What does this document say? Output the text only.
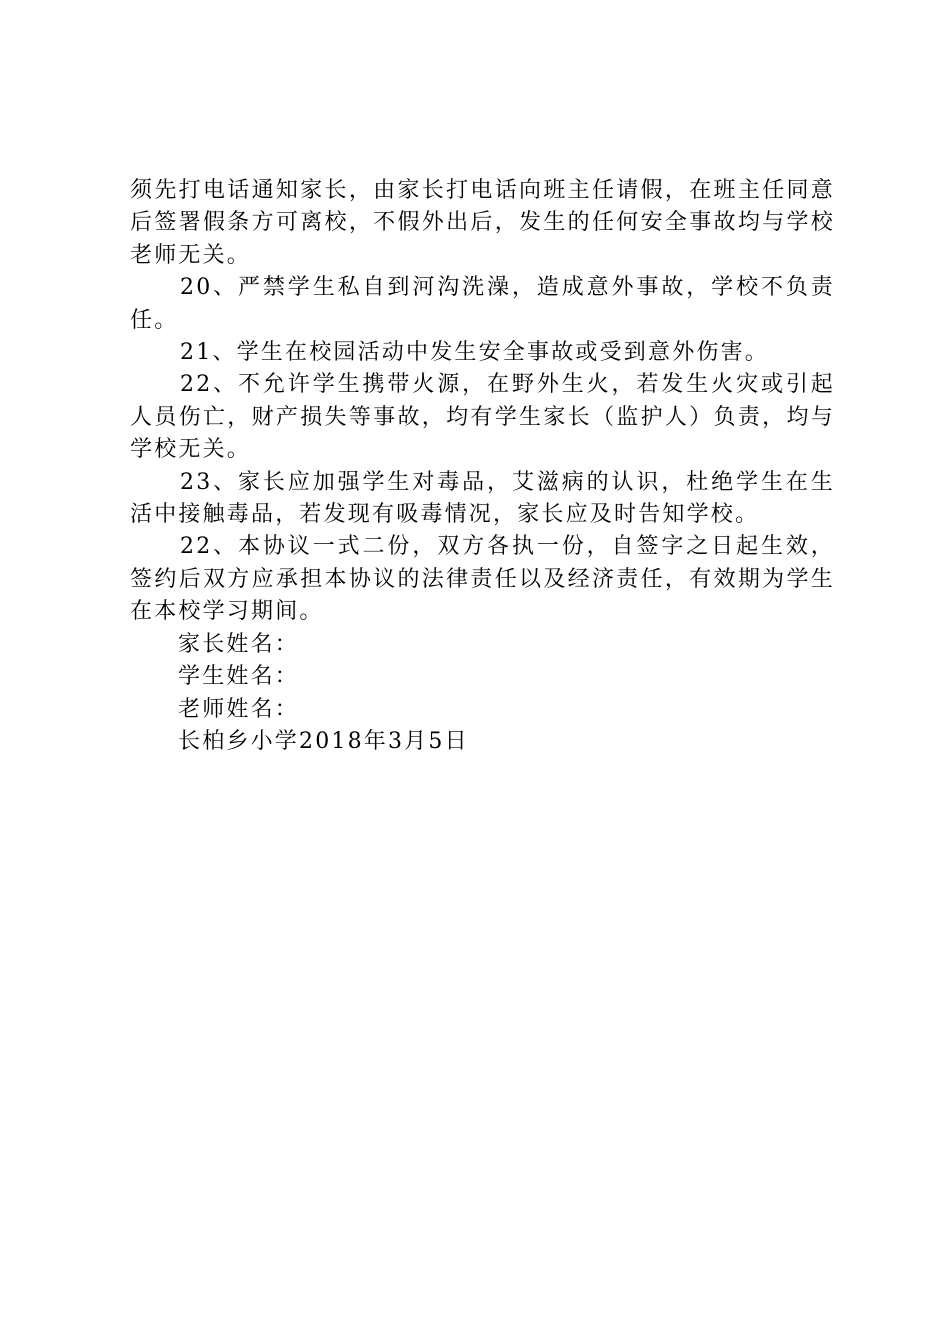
须先打电话通知家长，由家长打电话向班主任请假，在班主任同意后签署假条方可离校，不假外出后，发生的任何安全事故均与学校老师无关。

20、严禁学生私自到河沟洗澡，造成意外事故，学校不负责任。

21、学生在校园活动中发生安全事故或受到意外伤害。

22、不允许学生携带火源，在野外生火，若发生火灾或引起人员伤亡，财产损失等事故，均有学生家长（监护人）负责，均与学校无关。

23、家长应加强学生对毒品，艾滋病的认识，杜绝学生在生活中接触毒品，若发现有吸毒情况，家长应及时告知学校。

22、本协议一式二份，双方各执一份，自签字之日起生效，签约后双方应承担本协议的法律责任以及经济责任，有效期为学生在本校学习期间。

家长姓名：

学生姓名：

老师姓名：

长柏乡小学2018年3月5日
